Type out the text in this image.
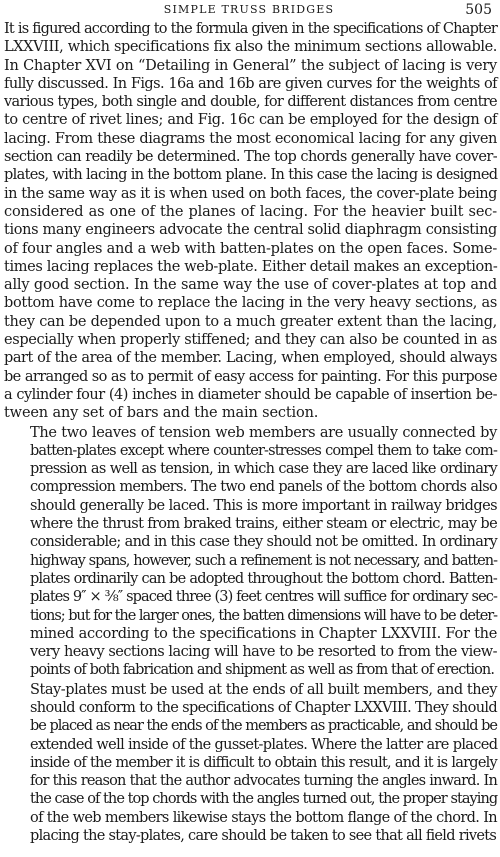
SIMPLE TRUSS BRIDGES	505

It is figured according to the formula given in the specifications of Chapter
LXXVIII, which specifications fix also the minimum sections allowable.
In Chapter XVI on “Detailing in General” the subject of lacing is very
fully discussed. In Figs. 16a and 16b are given curves for the weights of
various types, both single and double, for different distances from centre
to centre of rivet lines; and Fig. 16c can be employed for the design of
lacing. From these diagrams the most economical lacing for any given
section can readily be determined. The top chords generally have cover-
plates, with lacing in the bottom plane. In this case the lacing is designed
in the same way as it is when used on both faces, the cover-plate being
considered as one of the planes of lacing. For the heavier built sec-
tions many engineers advocate the central solid diaphragm consisting
of four angles and a web with batten-plates on the open faces. Some-
times lacing replaces the web-plate. Either detail makes an exception-
ally good section. In the same way the use of cover-plates at top and
bottom have come to replace the lacing in the very heavy sections, as
they can be depended upon to a much greater extent than the lacing,
especially when properly stiffened; and they can also be counted in as
part of the area of the member. Lacing, when employed, should always
be arranged so as to permit of easy access for painting. For this purpose
a cylinder four (4) inches in diameter should be capable of insertion be-
tween any set of bars and the main section.

The two leaves of tension web members are usually connected by
batten-plates except where counter-stresses compel them to take com-
pression as well as tension, in which case they are laced like ordinary
compression members. The two end panels of the bottom chords also
should generally be laced. This is more important in railway bridges
where the thrust from braked trains, either steam or electric, may be
considerable; and in this case they should not be omitted. In ordinary
highway spans, however, such a refinement is not necessary, and batten-
plates ordinarily can be adopted throughout the bottom chord. Batten-
plates 9″ × ⅜″ spaced three (3) feet centres will suffice for ordinary sec-
tions; but for the larger ones, the batten dimensions will have to be deter-
mined according to the specifications in Chapter LXXVIII. For the
very heavy sections lacing will have to be resorted to from the view-
points of both fabrication and shipment as well as from that of erection.

Stay-plates must be used at the ends of all built members, and they
should conform to the specifications of Chapter LXXVIII. They should
be placed as near the ends of the members as practicable, and should be
extended well inside of the gusset-plates. Where the latter are placed
inside of the member it is difficult to obtain this result, and it is largely
for this reason that the author advocates turning the angles inward. In
the case of the top chords with the angles turned out, the proper staying
of the web members likewise stays the bottom flange of the chord. In
placing the stay-plates, care should be taken to see that all field rivets
